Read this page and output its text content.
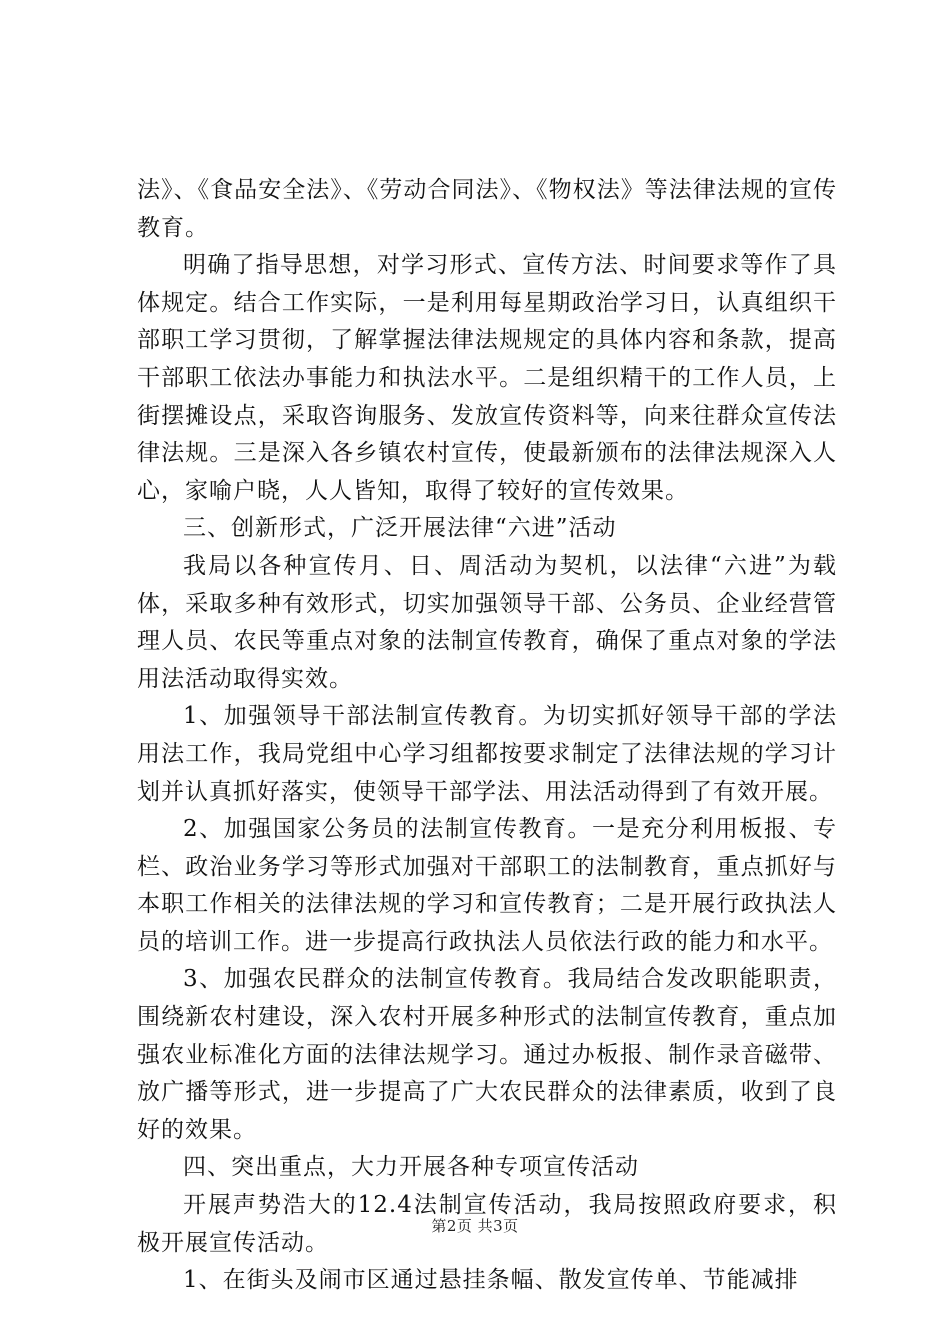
法》、《食品安全法》、《劳动合同法》、《物权法》等法律法规的宣传教育。

明确了指导思想，对学习形式、宣传方法、时间要求等作了具体规定。结合工作实际，一是利用每星期政治学习日，认真组织干部职工学习贯彻，了解掌握法律法规规定的具体内容和条款，提高干部职工依法办事能力和执法水平。二是组织精干的工作人员，上街摆摊设点，采取咨询服务、发放宣传资料等，向来往群众宣传法律法规。三是深入各乡镇农村宣传，使最新颁布的法律法规深入人心，家喻户晓，人人皆知，取得了较好的宣传效果。

三、创新形式，广泛开展法律“六进”活动

我局以各种宣传月、日、周活动为契机，以法律“六进”为载体，采取多种有效形式，切实加强领导干部、公务员、企业经营管理人员、农民等重点对象的法制宣传教育，确保了重点对象的学法用法活动取得实效。

1、加强领导干部法制宣传教育。为切实抓好领导干部的学法用法工作，我局党组中心学习组都按要求制定了法律法规的学习计划并认真抓好落实，使领导干部学法、用法活动得到了有效开展。

2、加强国家公务员的法制宣传教育。一是充分利用板报、专栏、政治业务学习等形式加强对干部职工的法制教育，重点抓好与本职工作相关的法律法规的学习和宣传教育；二是开展行政执法人员的培训工作。进一步提高行政执法人员依法行政的能力和水平。

3、加强农民群众的法制宣传教育。我局结合发改职能职责，围绕新农村建设，深入农村开展多种形式的法制宣传教育，重点加强农业标准化方面的法律法规学习。通过办板报、制作录音磁带、放广播等形式，进一步提高了广大农民群众的法律素质，收到了良好的效果。

四、突出重点，大力开展各种专项宣传活动

开展声势浩大的12.4法制宣传活动，我局按照政府要求，积极开展宣传活动。

1、在街头及闹市区通过悬挂条幅、散发宣传单、节能减排

第2页 共3页
